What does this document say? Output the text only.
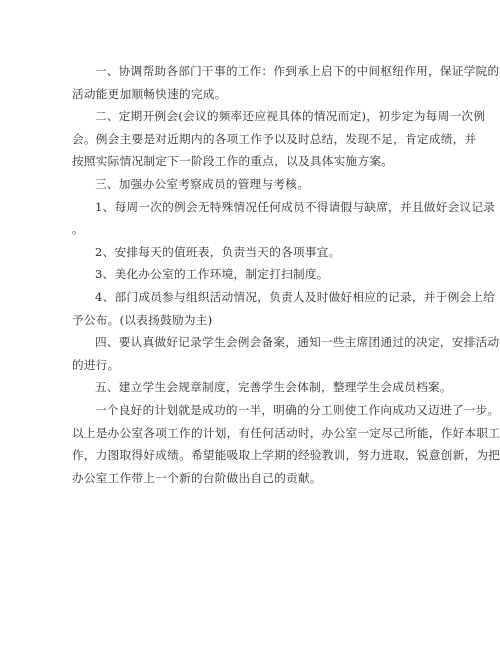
一、协调帮助各部门干事的工作：作到承上启下的中间枢纽作用，保证学院的
活动能更加顺畅快速的完成。
二、定期开例会(会议的频率还应视具体的情况而定)，初步定为每周一次例
会。例会主要是对近期内的各项工作予以及时总结，发现不足，肯定成绩，并
按照实际情况制定下一阶段工作的重点，以及具体实施方案。
三、加强办公室考察成员的管理与考核。
1、每周一次的例会无特殊情况任何成员不得请假与缺席，并且做好会议记录
。
2、安排每天的值班表，负责当天的各项事宜。
3、美化办公室的工作环境，制定打扫制度。
4、部门成员参与组织活动情况，负责人及时做好相应的记录，并于例会上给
予公布。(以表扬鼓励为主)
四、要认真做好记录学生会例会备案，通知一些主席团通过的决定，安排活动
的进行。
五、建立学生会规章制度，完善学生会体制，整理学生会成员档案。
一个良好的计划就是成功的一半，明确的分工则使工作向成功又迈进了一步。
以上是办公室各项工作的计划，有任何活动时，办公室一定尽己所能，作好本职工
作，力图取得好成绩。希望能吸取上学期的经验教训，努力进取，锐意创新，为把
办公室工作带上一个新的台阶做出自己的贡献。
